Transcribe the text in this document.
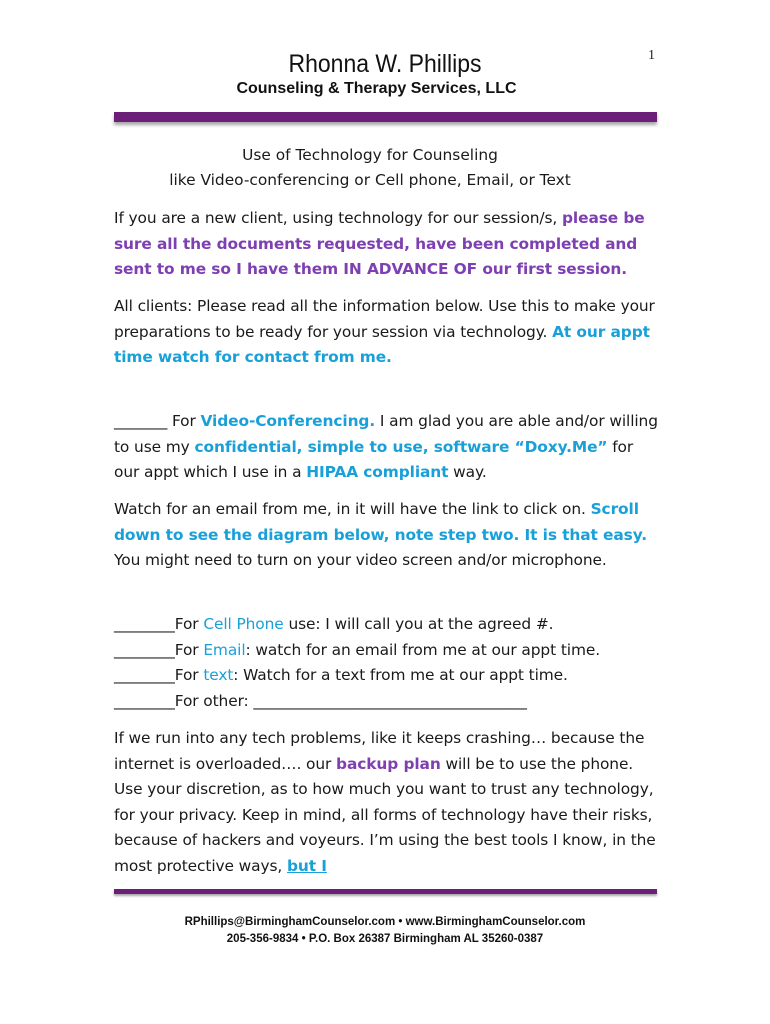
1
Rhonna W. Phillips
Counseling & Therapy Services, LLC
Use of Technology for Counseling
like Video-conferencing or Cell phone, Email, or Text

If you are a new client, using technology for our session/s, please be sure all the documents requested, have been completed and sent to me so I have them IN ADVANCE OF our first session.

All clients: Please read all the information below. Use this to make your preparations to be ready for your session via technology. At our appt time watch for contact from me.

_______ For Video-Conferencing. I am glad you are able and/or willing to use my confidential, simple to use, software “Doxy.Me” for our appt which I use in a HIPAA compliant way.

Watch for an email from me, in it will have the link to click on. Scroll down to see the diagram below, note step two. It is that easy. You might need to turn on your video screen and/or microphone.

________For Cell Phone use: I will call you at the agreed #.
________For Email: watch for an email from me at our appt time.
________For text: Watch for a text from me at our appt time.
________For other: ____________________________________

If we run into any tech problems, like it keeps crashing… because the internet is overloaded…. our backup plan will be to use the phone. Use your discretion, as to how much you want to trust any technology, for your privacy. Keep in mind, all forms of technology have their risks, because of hackers and voyeurs. I’m using the best tools I know, in the most protective ways, but I

RPhillips@BirminghamCounselor.com • www.BirminghamCounselor.com
205-356-9834 • P.O. Box 26387 Birmingham AL 35260-0387
